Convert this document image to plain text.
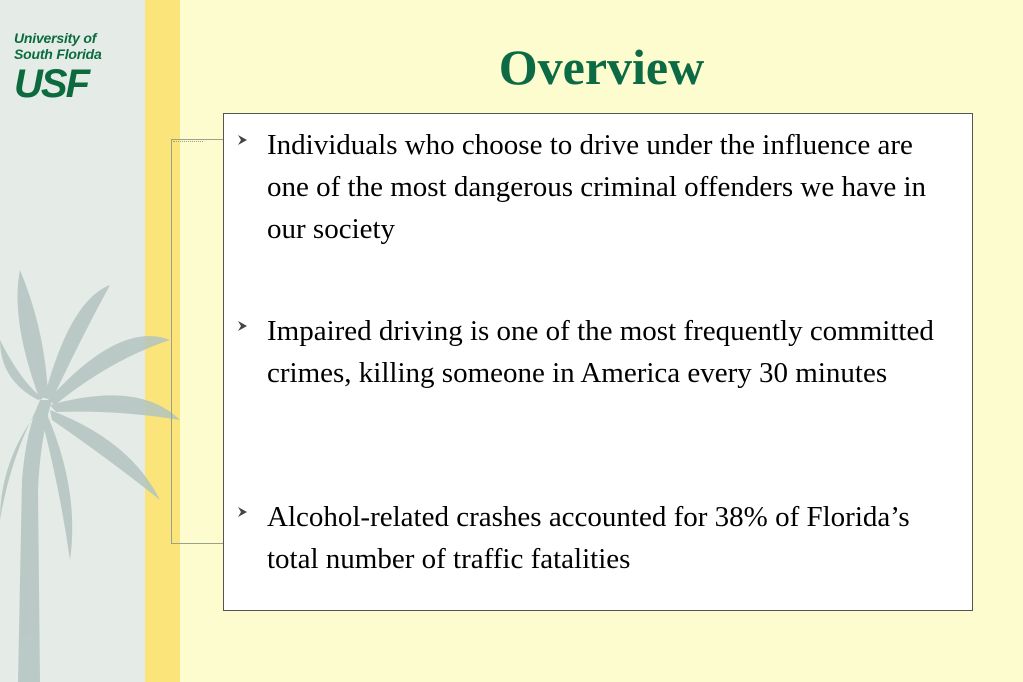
University of
South Florida
USF	Overview
Individuals who choose to drive under the influence are one of the most dangerous criminal offenders we have in our society
Impaired driving is one of the most frequently committed crimes, killing someone in America every 30 minutes
Alcohol-related crashes accounted for 38% of Florida’s total number of traffic fatalities
